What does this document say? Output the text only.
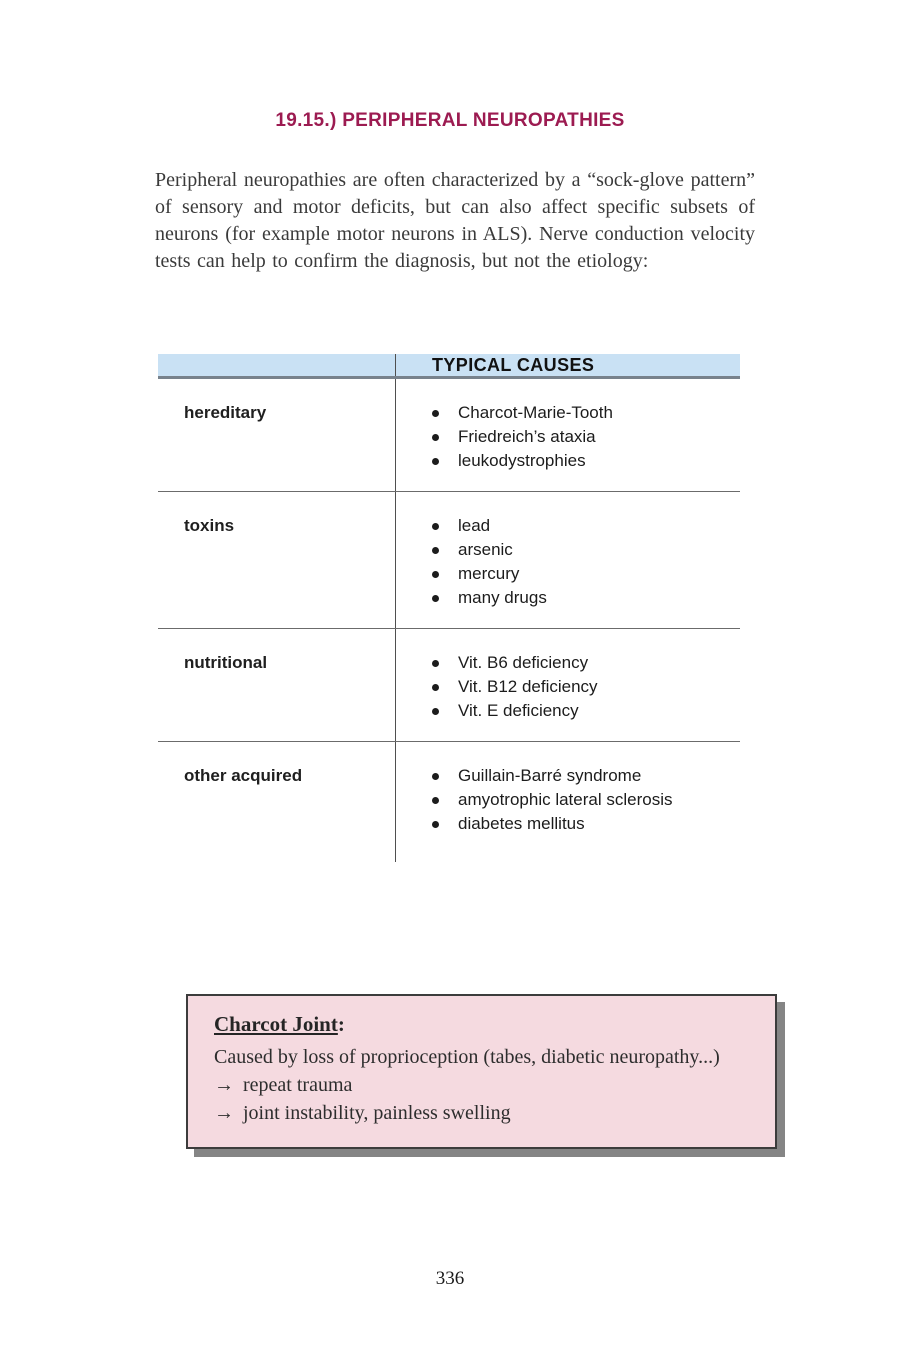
19.15.) PERIPHERAL NEUROPATHIES

Peripheral neuropathies are often characterized by a “sock-glove pattern” of sensory and motor deficits, but can also affect specific subsets of neurons (for example motor neurons in ALS). Nerve conduction velocity tests can help to confirm the diagnosis, but not the etiology:

TYPICAL CAUSES
hereditary	Charcot-Marie-Tooth
Friedreich’s ataxia
leukodystrophies
toxins	lead
arsenic
mercury
many drugs
nutritional	Vit. B6 deficiency
Vit. B12 deficiency
Vit. E deficiency
other acquired	Guillain-Barré syndrome
amyotrophic lateral sclerosis
diabetes mellitus
Charcot Joint:
Caused by loss of proprioception (tabes, diabetic neuropathy...)
→ repeat trauma
→ joint instability, painless swelling
336
